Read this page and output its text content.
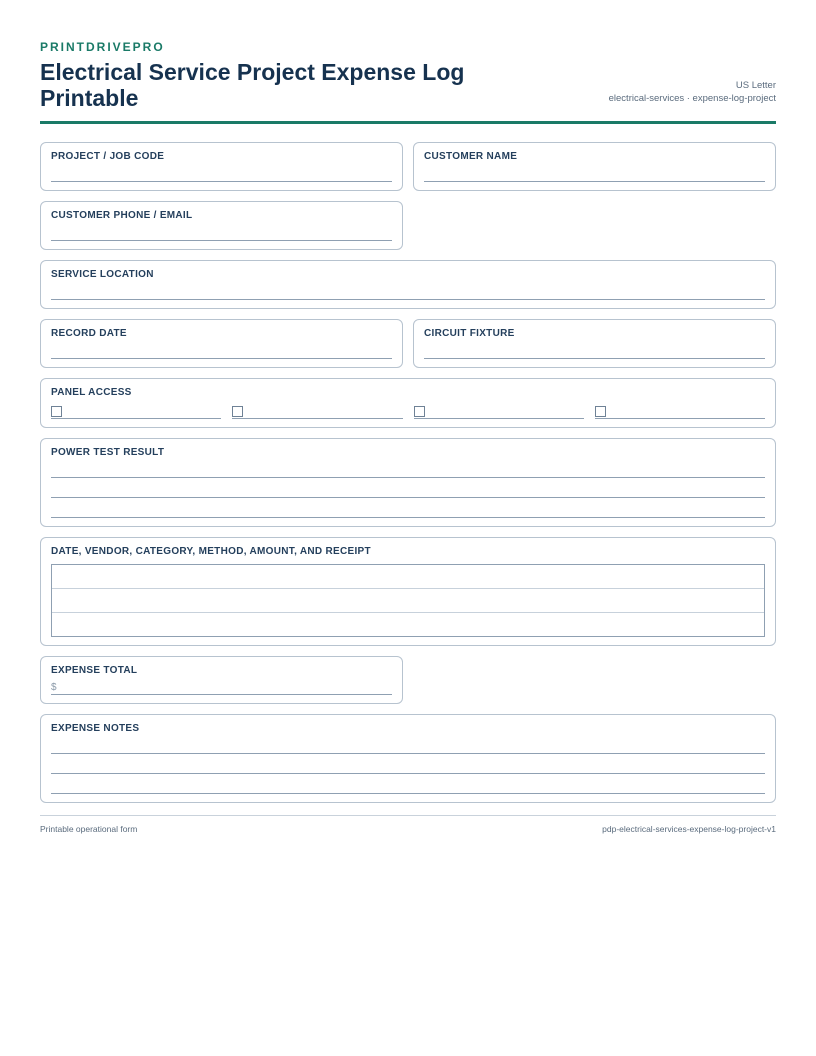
PRINTDRIVEPRO
Electrical Service Project Expense Log Printable	US Letter
electrical-services · expense-log-project
PROJECT / JOB CODE	CUSTOMER NAME
CUSTOMER PHONE / EMAIL
SERVICE LOCATION
RECORD DATE	CIRCUIT FIXTURE
PANEL ACCESS
POWER TEST RESULT
DATE, VENDOR, CATEGORY, METHOD, AMOUNT, AND RECEIPT
EXPENSE TOTAL
$
EXPENSE NOTES
Printable operational form	pdp-electrical-services-expense-log-project-v1
